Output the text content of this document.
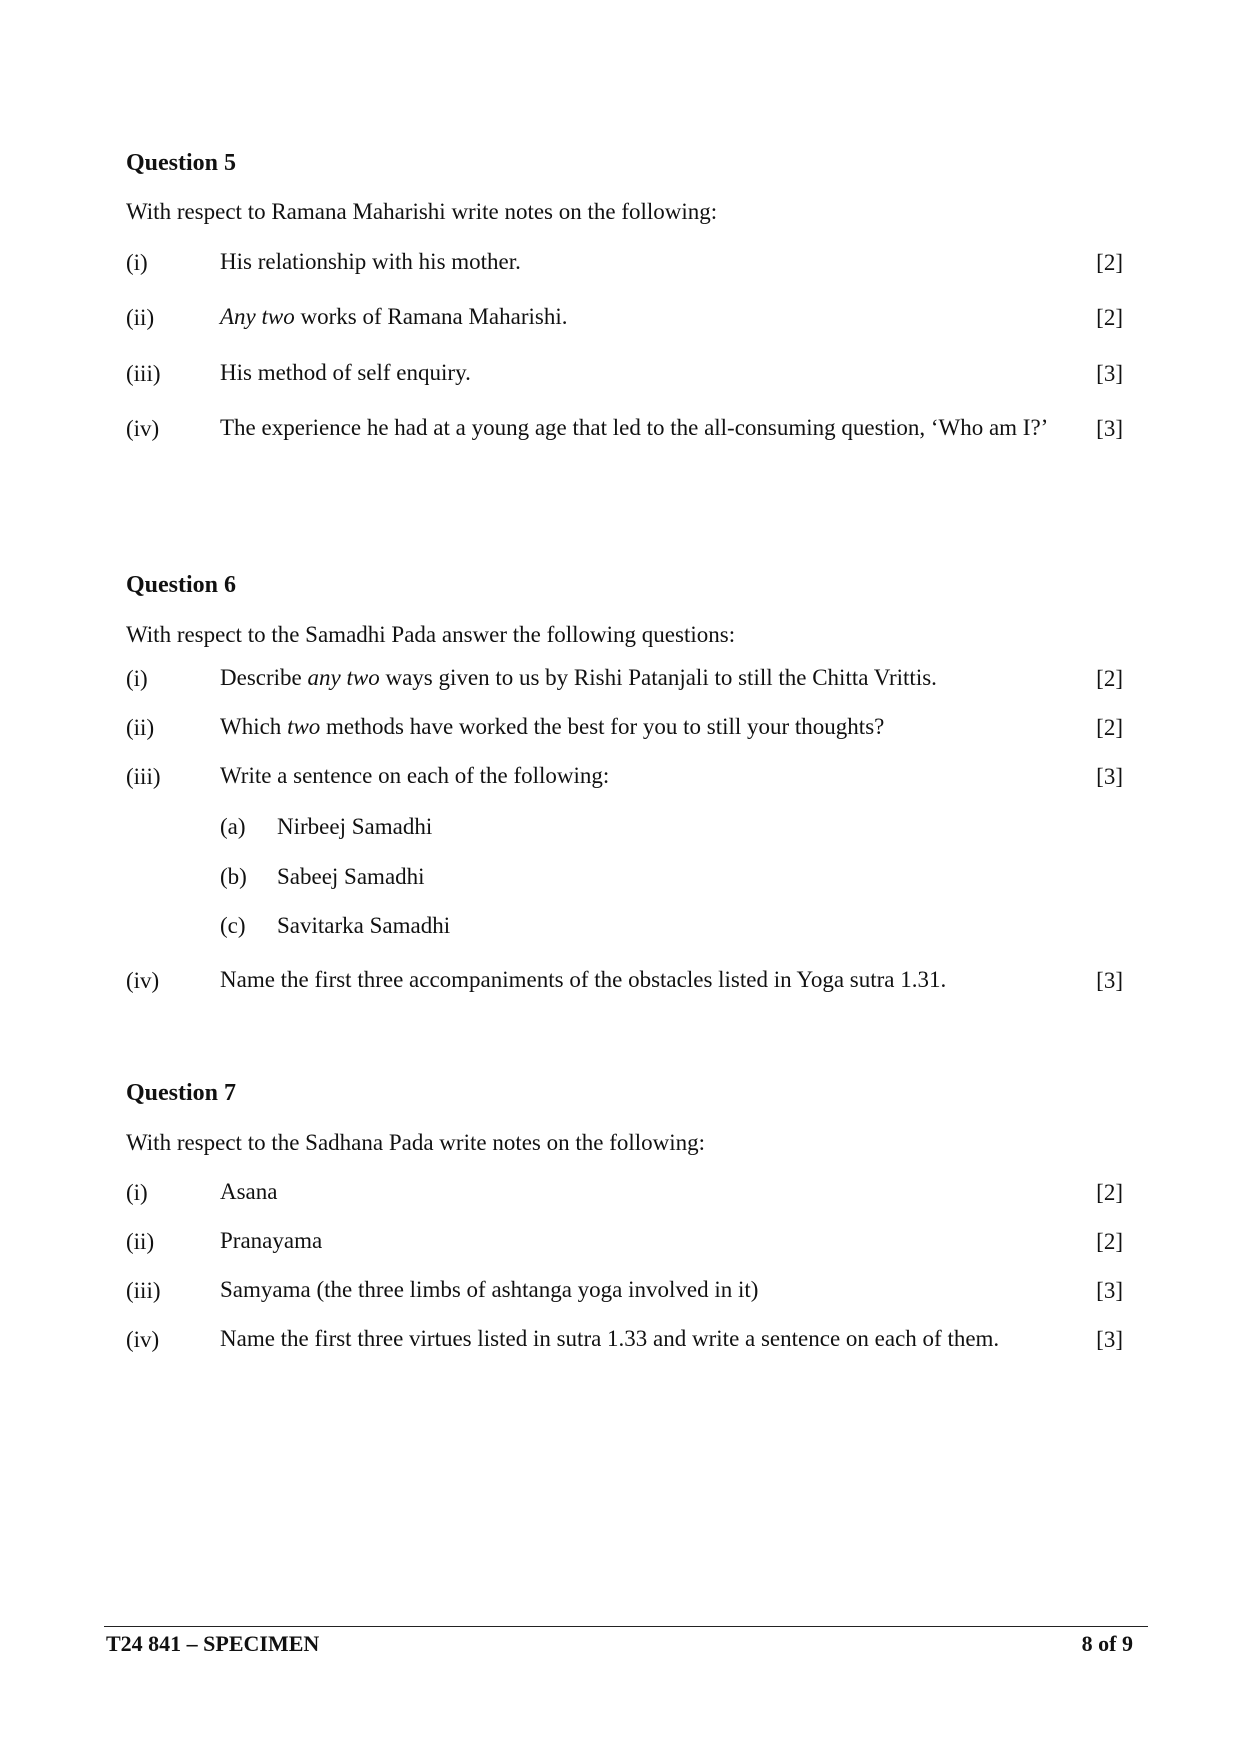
Question 5
With respect to Ramana Maharishi write notes on the following:
(i)	His relationship with his mother.	[2]
(ii)	Any two works of Ramana Maharishi.	[2]
(iii)	His method of self enquiry.	[3]
(iv)	The experience he had at a young age that led to the all-consuming question, ‘Who am I?’	[3]
Question 6
With respect to the Samadhi Pada answer the following questions:
(i)	Describe any two ways given to us by Rishi Patanjali to still the Chitta Vrittis.	[2]
(ii)	Which two methods have worked the best for you to still your thoughts?	[2]
(iii)	Write a sentence on each of the following:	[3]
(a) Nirbeej Samadhi
(b) Sabeej Samadhi
(c) Savitarka Samadhi
(iv)	Name the first three accompaniments of the obstacles listed in Yoga sutra 1.31.	[3]
Question 7
With respect to the Sadhana Pada write notes on the following:
(i)	Asana	[2]
(ii)	Pranayama	[2]
(iii)	Samyama (the three limbs of ashtanga yoga involved in it)	[3]
(iv)	Name the first three virtues listed in sutra 1.33 and write a sentence on each of them.	[3]
T24 841 – SPECIMEN	8 of 9
